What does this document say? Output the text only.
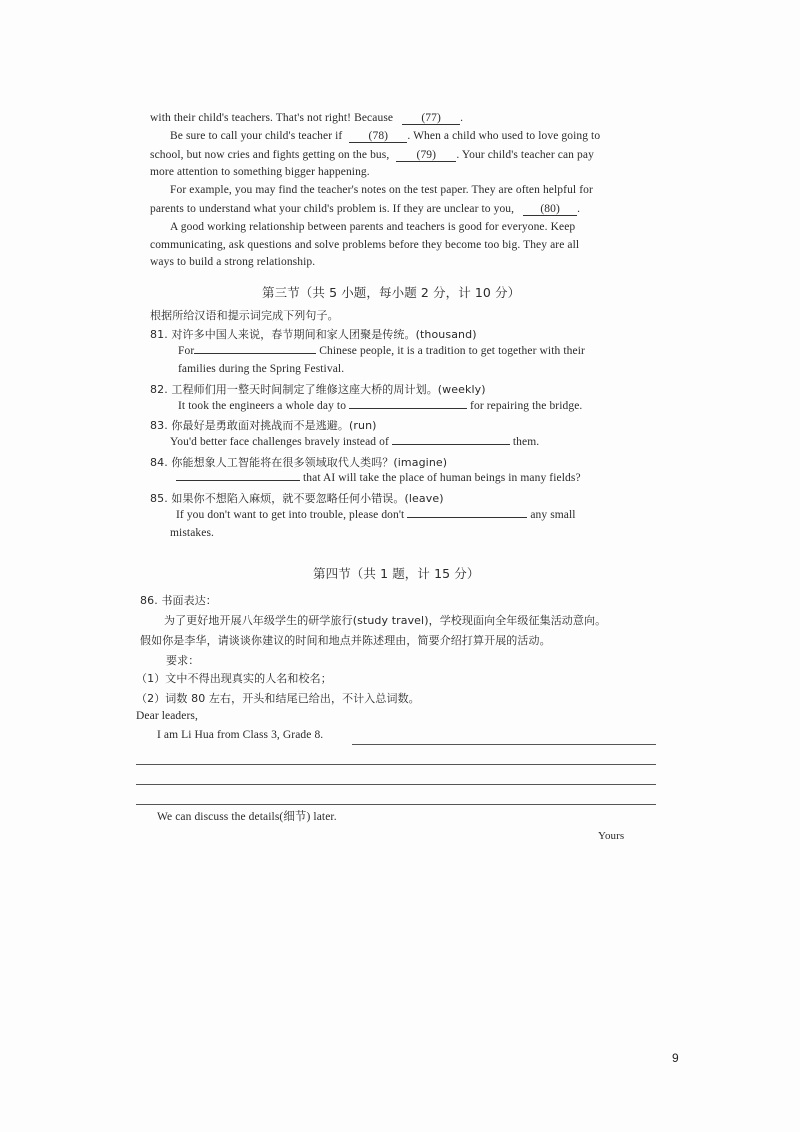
with their child's teachers. That's not right! Because (77) .
Be sure to call your child's teacher if (78) . When a child who used to love going to
school, but now cries and fights getting on the bus, (79) . Your child's teacher can pay
more attention to something bigger happening.
For example, you may find the teacher's notes on the test paper. They are often helpful for
parents to understand what your child's problem is. If they are unclear to you, (80) .
A good working relationship between parents and teachers is good for everyone. Keep
communicating, ask questions and solve problems before they become too big. They are all
ways to build a strong relationship.
第三节（共 5 小题，每小题 2 分，计 10 分）
根据所给汉语和提示词完成下列句子。
81. 对许多中国人来说，春节期间和家人团聚是传统。(thousand)
For	Chinese people, it is a tradition to get together with their
families during the Spring Festival.
82. 工程师们用一整天时间制定了维修这座大桥的周计划。(weekly)
It took the engineers a whole day to	for repairing the bridge.
83. 你最好是勇敢面对挑战而不是逃避。(run)
You'd better face challenges bravely instead of	them.
84. 你能想象人工智能将在很多领域取代人类吗？(imagine)
that AI will take the place of human beings in many fields?
85. 如果你不想陷入麻烦，就不要忽略任何小错误。(leave)
If you don't want to get into trouble, please don't	any small
mistakes.
第四节（共 1 题，计 15 分）
86. 书面表达：
为了更好地开展八年级学生的研学旅行(study travel)，学校现面向全年级征集活动意向。
假如你是李华，请谈谈你建议的时间和地点并陈述理由，简要介绍打算开展的活动。
要求：
（1）文中不得出现真实的人名和校名；
（2）词数 80 左右，开头和结尾已给出，不计入总词数。
Dear leaders,
I am Li Hua from Class 3, Grade 8.
We can discuss the details(细节) later.
Yours
9
